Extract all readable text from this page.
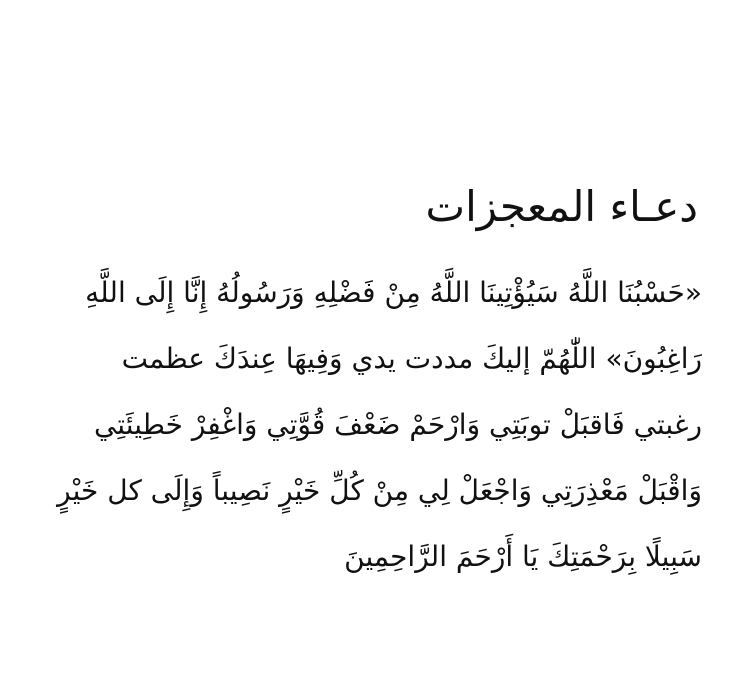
دعـاء المعجزات
«حَسْبُنَا اللَّهُ سَيُؤْتِينَا اللَّهُ مِنْ فَضْلِهِ وَرَسُولُهُ إِنَّا إِلَى اللَّهِ
رَاغِبُونَ» اللّٰهُمّ إليكَ مددت يدي وَفِيهَا عِندَكَ عظمت
رغبتي فَاقبَلْ توبَتِي وَارْحَمْ ضَعْفَ قُوَّتِي وَاغْفِرْ خَطِيئَتِي
وَاقْبَلْ مَعْذِرَتِي وَاجْعَلْ لِي مِنْ كُلِّ خَيْرٍ نَصِيباً وَإِلَى كل خَيْرٍ
سَبِيلًا بِرَحْمَتِكَ يَا أَرْحَمَ الرَّاحِمِينَ
